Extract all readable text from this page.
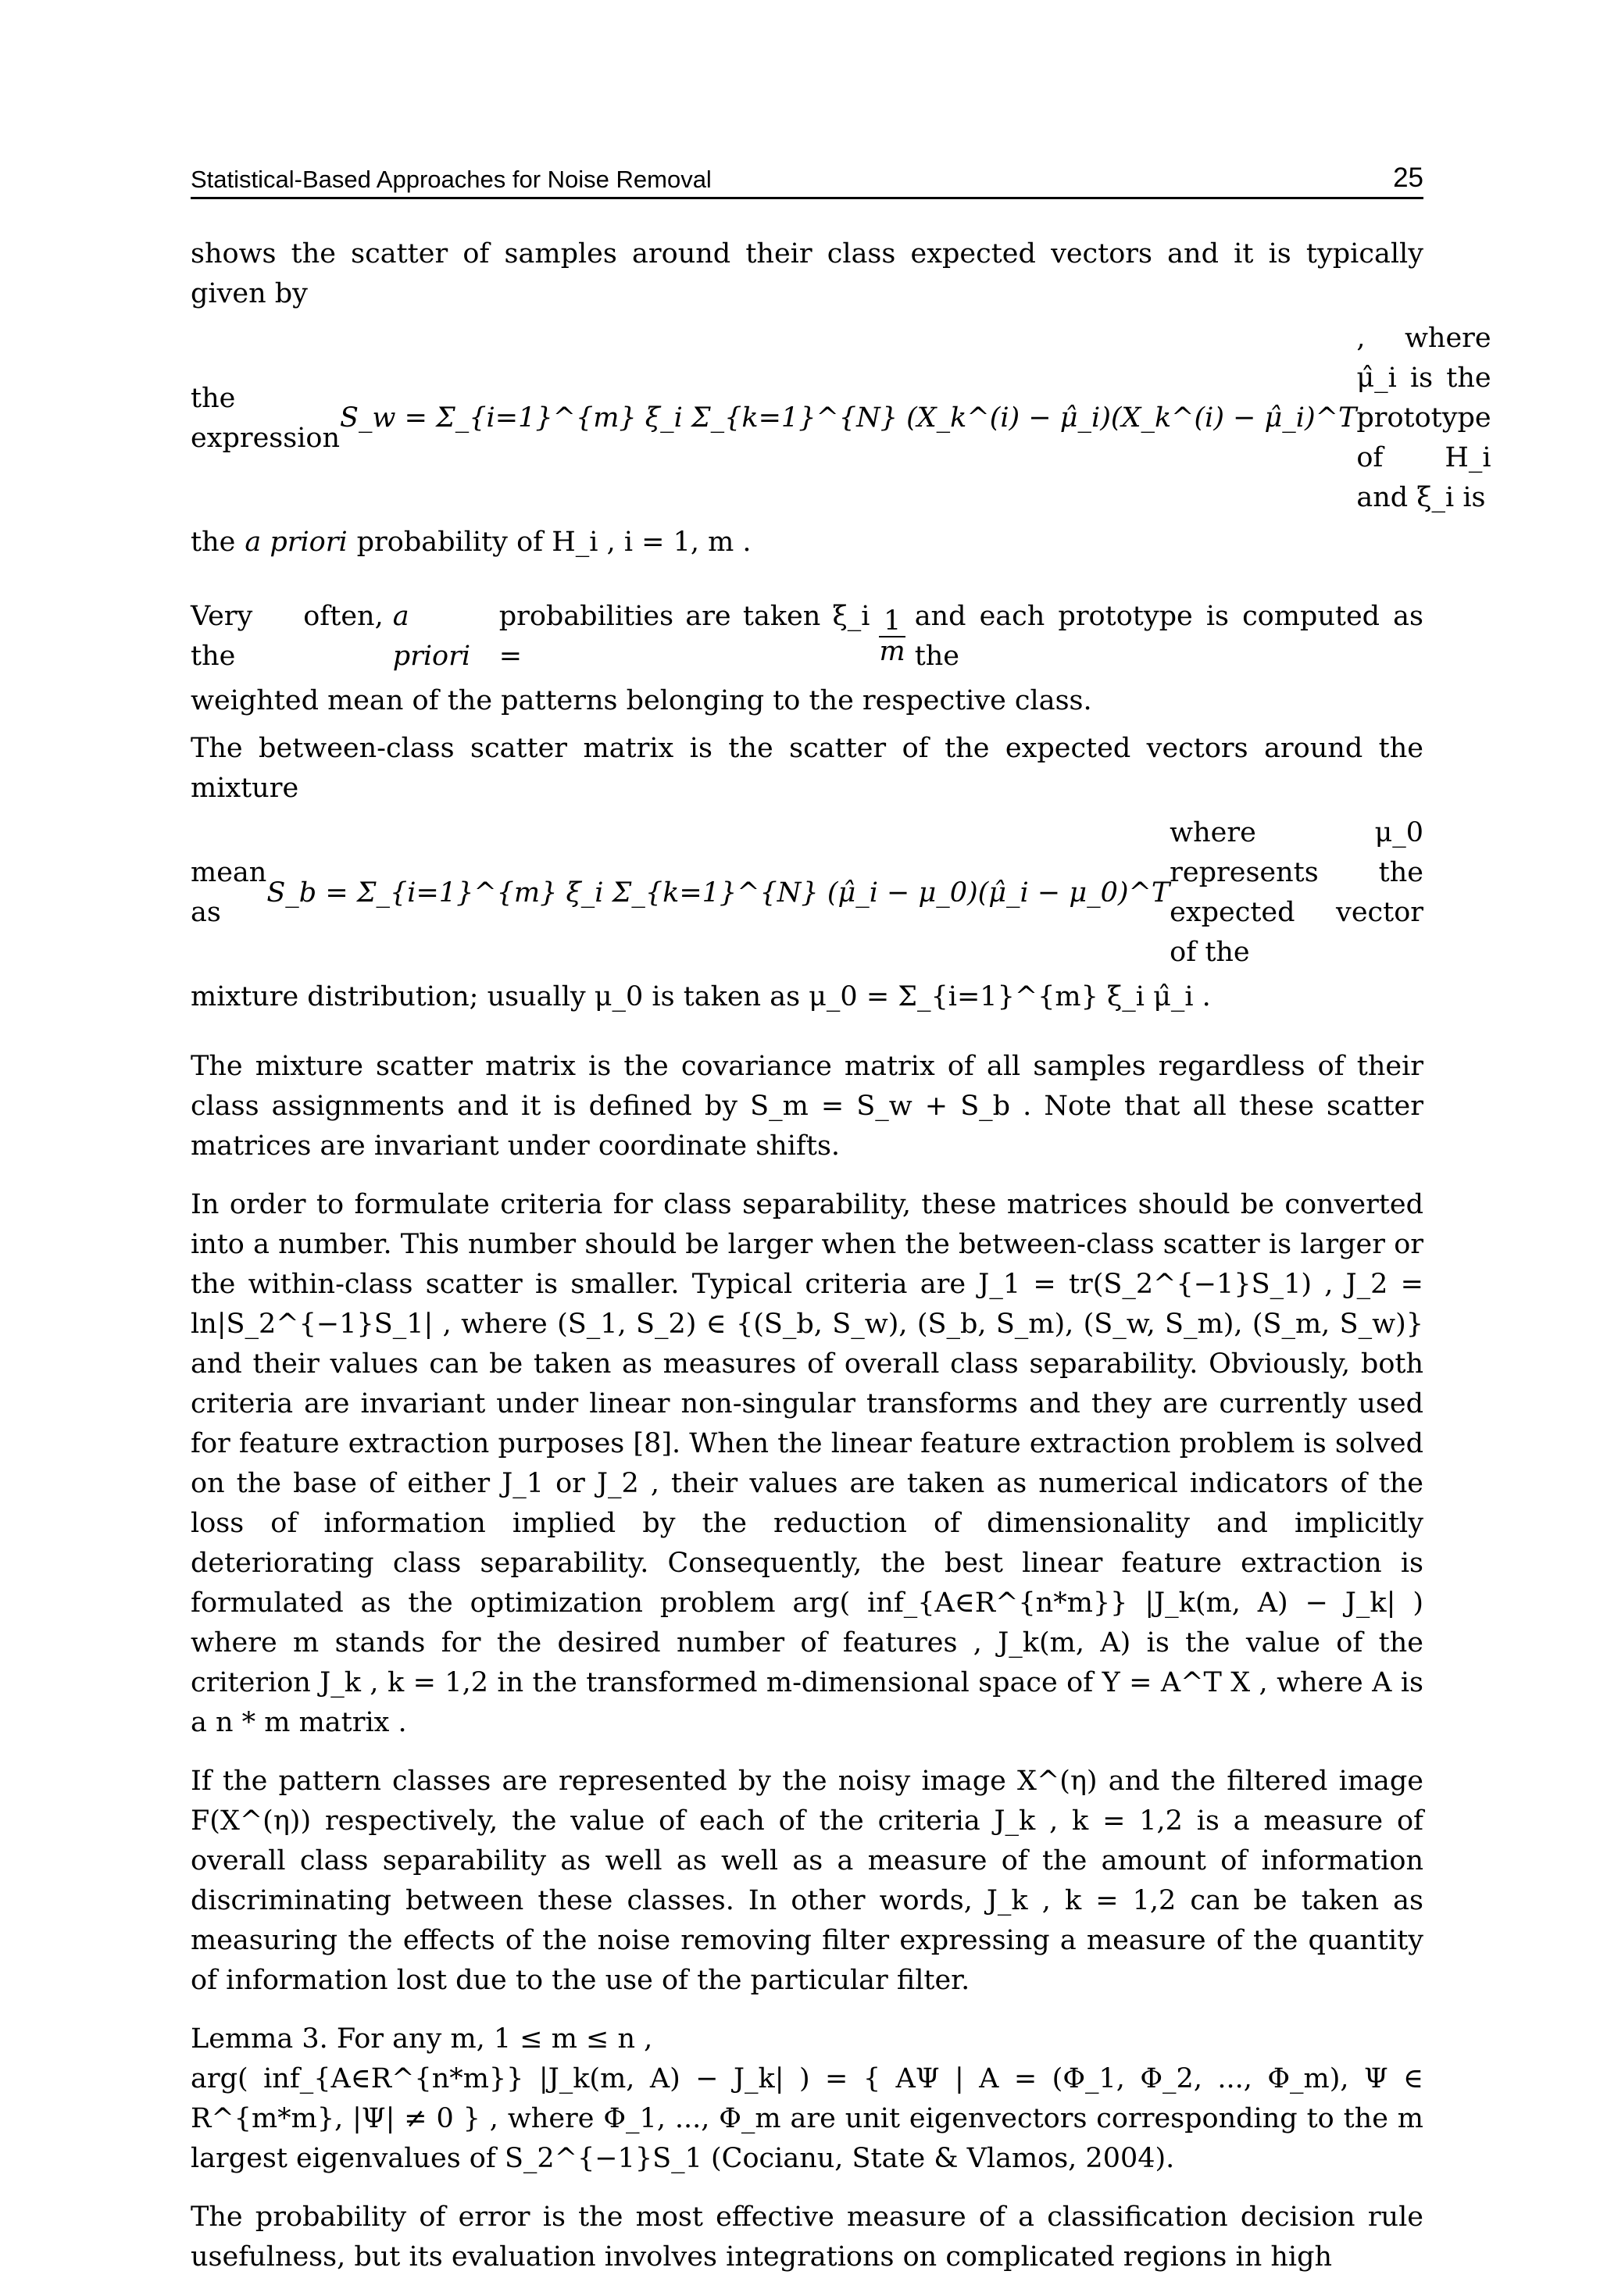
Statistical-Based Approaches for Noise Removal	25
shows the scatter of samples around their class expected vectors and it is typically given by
the expression
S_w = Σ_{i=1}^{m} ξ_i Σ_{k=1}^{N} (X_k^(i) − μ̂_i)(X_k^(i) − μ̂_i)^T
, where μ̂_i is the prototype of H_i and ξ_i is
the a priori probability of H_i , i = 1, m .
Very often, the
a priori
probabilities are taken ξ_i =	$\frac{1}{m}$ and each prototype is computed as the
weighted mean of the patterns belonging to the respective class.
The between-class scatter matrix is the scatter of the expected vectors around the mixture
mean as
S_b = Σ_{i=1}^{m} ξ_i Σ_{k=1}^{N} (μ̂_i − μ_0)(μ̂_i − μ_0)^T
where μ_0 represents the expected vector of the
mixture distribution; usually μ_0 is taken as μ_0 = Σ_{i=1}^{m} ξ_i μ̂_i .

The mixture scatter matrix is the covariance matrix of all samples regardless of their class assignments and it is defined by S_m = S_w + S_b . Note that all these scatter matrices are invariant under coordinate shifts.

In order to formulate criteria for class separability, these matrices should be converted into a number. This number should be larger when the between-class scatter is larger or the within-class scatter is smaller. Typical criteria are J_1 = tr(S_2^{−1}S_1) , J_2 = ln|S_2^{−1}S_1| , where (S_1, S_2) ∈ {(S_b, S_w), (S_b, S_m), (S_w, S_m), (S_m, S_w)} and their values can be taken as measures of overall class separability. Obviously, both criteria are invariant under linear non-singular transforms and they are currently used for feature extraction purposes [8]. When the linear feature extraction problem is solved on the base of either J_1 or J_2 , their values are taken as numerical indicators of the loss of information implied by the reduction of dimensionality and implicitly deteriorating class separability. Consequently, the best linear feature extraction is formulated as the optimization problem arg( inf_{A∈R^{n*m}} |J_k(m, A) − J_k| ) where m stands for the desired number of features , J_k(m, A) is the value of the criterion J_k , k = 1,2 in the transformed m-dimensional space of Y = A^T X , where A is a n * m matrix .

If the pattern classes are represented by the noisy image X^(η) and the filtered image F(X^(η)) respectively, the value of each of the criteria J_k , k = 1,2 is a measure of overall class separability as well as well as a measure of the amount of information discriminating between these classes. In other words, J_k , k = 1,2 can be taken as measuring the effects of the noise removing filter expressing a measure of the quantity of information lost due to the use of the particular filter.

Lemma 3. For any m, 1 ≤ m ≤ n ,
arg( inf_{A∈R^{n*m}} |J_k(m, A) − J_k| ) = { AΨ | A = (Φ_1, Φ_2, ..., Φ_m), Ψ ∈ R^{m*m}, |Ψ| ≠ 0 } , where Φ_1, ..., Φ_m are unit eigenvectors corresponding to the m largest eigenvalues of S_2^{−1}S_1 (Cocianu, State & Vlamos, 2004).

The probability of error is the most effective measure of a classification decision rule usefulness, but its evaluation involves integrations on complicated regions in high
